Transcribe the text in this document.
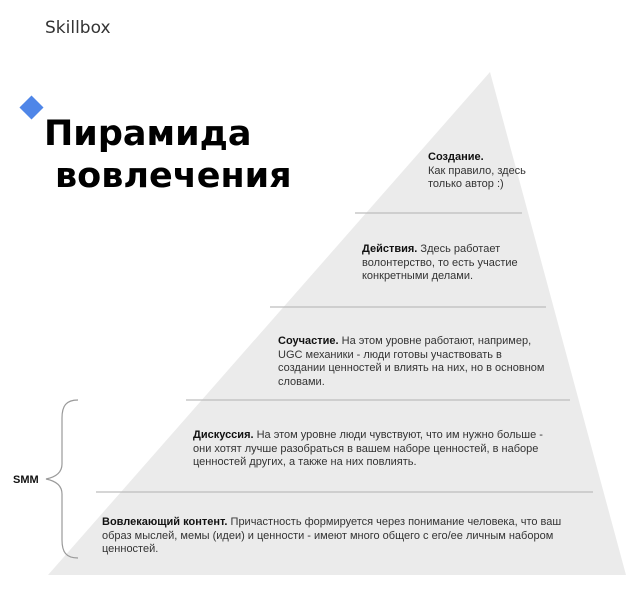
Skillbox
Пирамида
вовлечения
SMM
Создание.
Как правило, здесь только автор :)
Действия. Здесь работает волонтерство, то есть участие конкретными делами.
Соучастие. На этом уровне работают, например, UGC механики - люди готовы участвовать в создании ценностей и влиять на них, но в основном словами.
Дискуссия. На этом уровне люди чувствуют, что им нужно больше - они хотят лучше разобраться в вашем наборе ценностей, в наборе ценностей других, а также на них повлиять.
Вовлекающий контент. Причастность формируется через понимание человека, что ваш образ мыслей, мемы (идеи) и ценности - имеют много общего с его/ее личным набором ценностей.
